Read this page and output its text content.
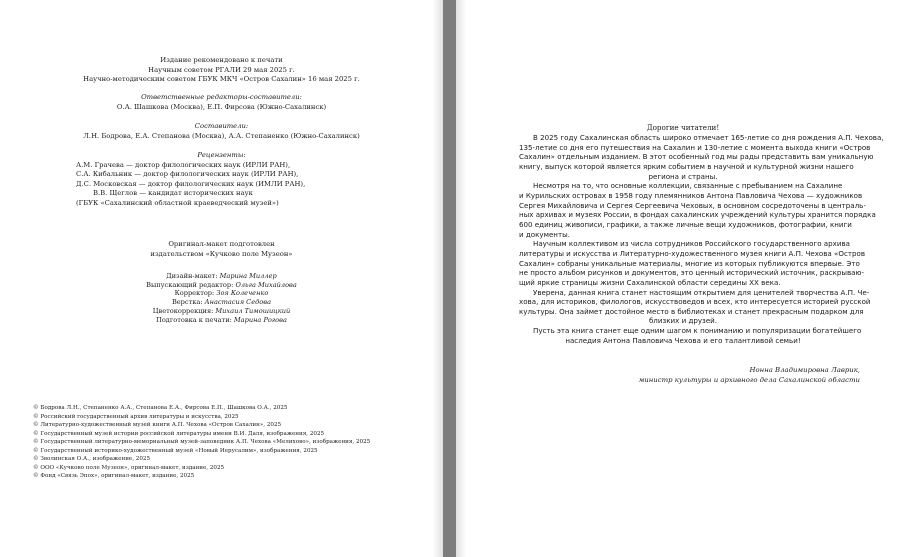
Издание рекомендовано к печати
Научным советом РГАЛИ 29 мая 2025 г.
Научно-методическим советом ГБУК МКЧ «Остров Сахалин» 16 мая 2025 г.
Ответственные редакторы-составители:
О.А. Шашкова (Москва), Е.П. Фирсова (Южно-Сахалинск)
Составители:
Л.Н. Бодрова, Е.А. Степанова (Москва), А.А. Степаненко (Южно-Сахалинск)
Рецензенты:
А.М. Грачева — доктор филологических наук (ИРЛИ РАН),
С.А. Кибальник — доктор филологических наук (ИРЛИ РАН),
Д.С. Московская — доктор филологических наук (ИМЛИ РАН),
В.В. Щеглов — кандидат исторических наук
(ГБУК «Сахалинский областной краеведческий музей»)
Оригинал-макет подготовлен
издательством «Кучково поле Музеон»
Дизайн-макет: Марина Миллер
Выпускающий редактор: Ольга Михайлова
Корректор: Зоя Колеченко
Верстка: Анастасия Седова
Цветокоррекция: Михаил Тимошицкий
Подготовка к печати: Марина Рогова
© Бодрова Л.Н., Степаненко А.А., Степанова Е.А., Фирсова Е.П., Шашкова О.А., 2025
© Российский государственный архив литературы и искусства, 2025
© Литературно-художественный музей книги А.П. Чехова «Остров Сахалин», 2025
© Государственный музей истории российской литературы имени В.И. Даля, изображения, 2025
© Государственный литературно-мемориальный музей-заповедник А.П. Чехова «Мелихово», изображения, 2025
© Государственный историко-художественный музей «Новый Иерусалим», изображения, 2025
© Зволинская О.А., изображение, 2025
© ООО «Кучково поле Музеон», оригинал-макет, издание, 2025
© Фонд «Связь Эпох», оригинал-макет, издание, 2025
Дорогие читатели!

В 2025 году Сахалинская область широко отмечает 165-летие со дня рождения А.П. Чехова,
135-летие со дня его путешествия на Сахалин и 130-летие с момента выхода книги «Остров
Сахалин» отдельным изданием. В этот особенный год мы рады представить вам уникальную
книгу, выпуск которой является ярким событием в научной и культурной жизни нашего
региона и страны.

Несмотря на то, что основные коллекции, связанные с пребыванием на Сахалине
и Курильских островах в 1958 году племянников Антона Павловича Чехова — художников
Сергея Михайловича и Сергея Сергеевича Чеховых, в основном сосредоточены в централь-
ных архивах и музеях России, в фондах сахалинских учреждений культуры хранится порядка
600 единиц живописи, графики, а также личные вещи художников, фотографии, книги
и документы.

Научным коллективом из числа сотрудников Российского государственного архива
литературы и искусства и Литературно-художественного музея книги А.П. Чехова «Остров
Сахалин» собраны уникальные материалы, многие из которых публикуются впервые. Это
не просто альбом рисунков и документов, это ценный исторический источник, раскрываю-
щий яркие страницы жизни Сахалинской области середины XX века.

Уверена, данная книга станет настоящим открытием для ценителей творчества А.П. Че-
хова, для историков, филологов, искусствоведов и всех, кто интересуется историей русской
культуры. Она займет достойное место в библиотеках и станет прекрасным подарком для
близких и друзей.

Пусть эта книга станет еще одним шагом к пониманию и популяризации богатейшего
наследия Антона Павловича Чехова и его талантливой семьи!

Нонна Владимировна Лаврик,
министр культуры и архивного дела Сахалинской области
